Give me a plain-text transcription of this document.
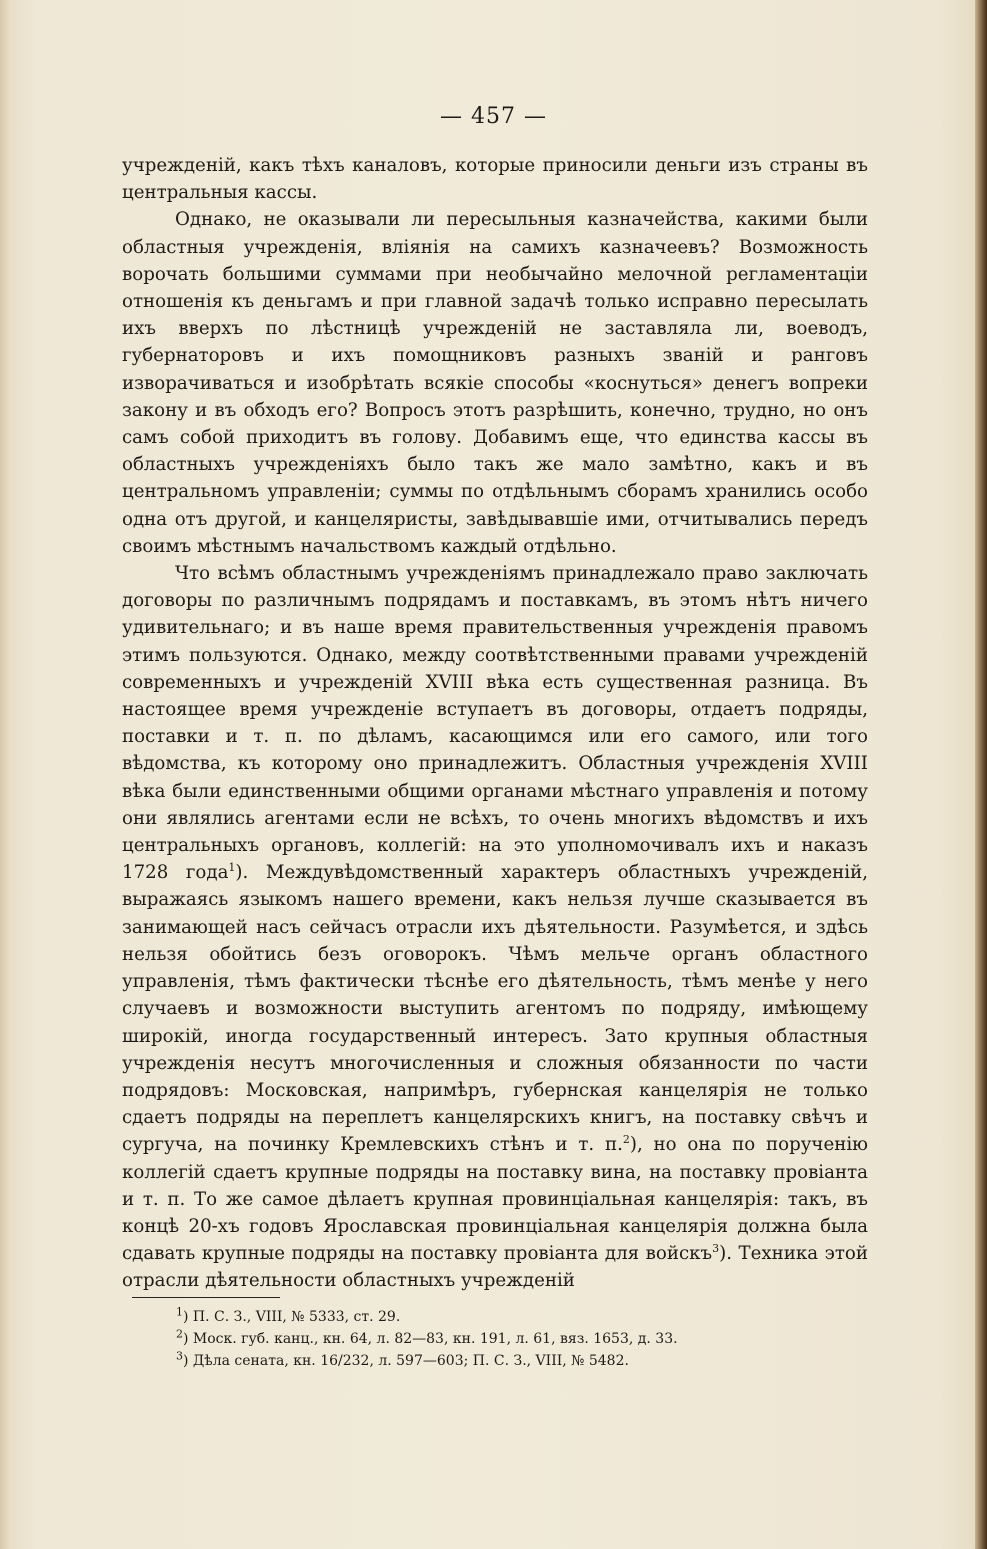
— 457 —

учрежденій, какъ тѣхъ каналовъ, которые приносили деньги изъ страны въ центральныя кассы.

Однако, не оказывали ли пересыльныя казначейства, какими были областныя учрежденія, вліянія на самихъ казначеевъ? Возможность ворочать большими суммами при необычайно мелочной регламентаціи отношенія къ деньгамъ и при главной задачѣ только исправно пересылать ихъ вверхъ по лѣстницѣ учрежденій не заставляла ли, воеводъ, губернаторовъ и ихъ помощниковъ разныхъ званій и ранговъ изворачиваться и изобрѣтать всякіе способы «коснуться» денегъ вопреки закону и въ обходъ его? Вопросъ этотъ разрѣшить, конечно, трудно, но онъ самъ собой приходитъ въ голову. Добавимъ еще, что единства кассы въ областныхъ учрежденіяхъ было такъ же мало замѣтно, какъ и въ центральномъ управленіи; суммы по отдѣльнымъ сборамъ хранились особо одна отъ другой, и канцеляристы, завѣдывавшіе ими, отчитывались передъ своимъ мѣстнымъ начальствомъ каждый отдѣльно.

Что всѣмъ областнымъ учрежденіямъ принадлежало право заключать договоры по различнымъ подрядамъ и поставкамъ, въ этомъ нѣтъ ничего удивительнаго; и въ наше время правительственныя учрежденія правомъ этимъ пользуются. Однако, между соотвѣтственными правами учрежденій современныхъ и учрежденій XVIII вѣка есть существенная разница. Въ настоящее время учрежденіе вступаетъ въ договоры, отдаетъ подряды, поставки и т. п. по дѣламъ, касающимся или его самого, или того вѣдомства, къ которому оно принадлежитъ. Областныя учрежденія XVIII вѣка были единственными общими органами мѣстнаго управленія и потому они являлись агентами если не всѣхъ, то очень многихъ вѣдомствъ и ихъ центральныхъ органовъ, коллегій: на это уполномочивалъ ихъ и наказъ 1728 года$^1$). Междувѣдомственный характеръ областныхъ учрежденій, выражаясь языкомъ нашего времени, какъ нельзя лучше сказывается въ занимающей насъ сейчасъ отрасли ихъ дѣятельности. Разумѣется, и здѣсь нельзя обойтись безъ оговорокъ. Чѣмъ мельче органъ областного управленія, тѣмъ фактически тѣснѣе его дѣятельность, тѣмъ менѣе у него случаевъ и возможности выступить агентомъ по подряду, имѣющему широкій, иногда государственный интересъ. Зато крупныя областныя учрежденія несутъ многочисленныя и сложныя обязанности по части подрядовъ: Московская, напримѣръ, губернская канцелярія не только сдаетъ подряды на переплетъ канцелярскихъ книгъ, на поставку свѣчъ и сургуча, на починку Кремлевскихъ стѣнъ и т. п.$^2$), но она по порученію коллегій сдаетъ крупные подряды на поставку вина, на поставку провіанта и т. п. То же самое дѣлаетъ крупная провинціальная канцелярія: такъ, въ концѣ 20-хъ годовъ Ярославская провинціальная канцелярія должна была сдавать крупные подряды на поставку провіанта для войскъ$^3$). Техника этой отрасли дѣятельности областныхъ учрежденій

$^1$) П. С. З., VIII, № 5333, ст. 29.
$^2$) Моск. губ. канц., кн. 64, л. 82—83, кн. 191, л. 61, вяз. 1653, д. 33.
$^3$) Дѣла сената, кн. 16/232, л. 597—603; П. С. З., VIII, № 5482.
